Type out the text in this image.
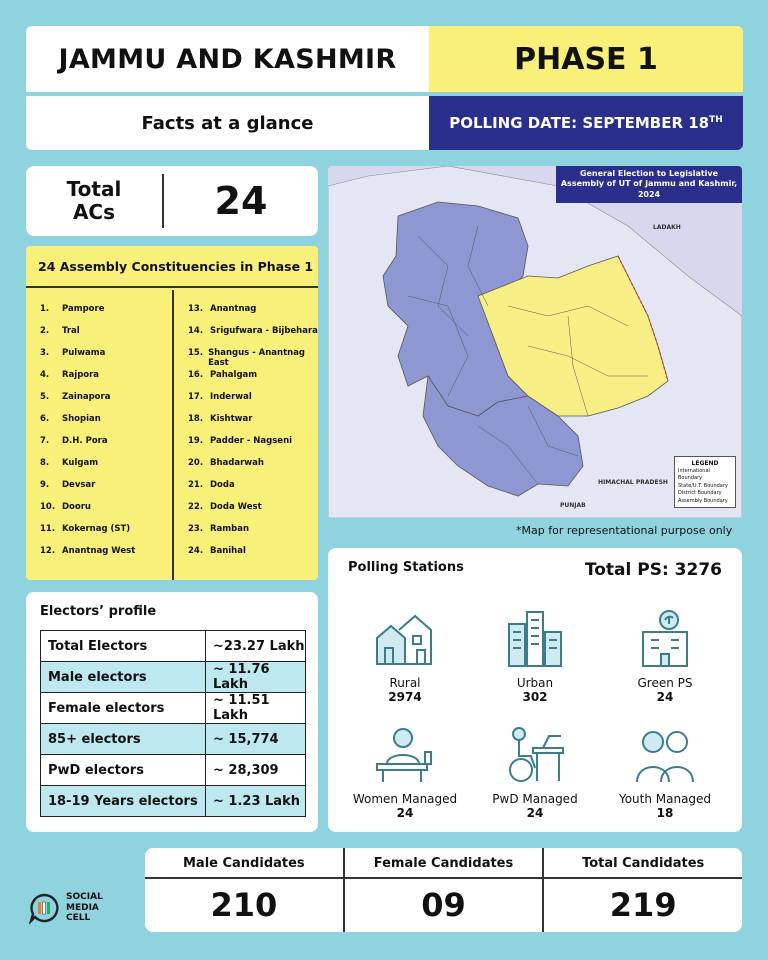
JAMMU AND KASHMIR
Facts at a glance
PHASE 1
POLLING DATE: SEPTEMBER 18TH
Total
ACs	24
24 Assembly Constituencies in Phase 1
1.	Pampore
2.	Tral
3.	Pulwama
4.	Rajpora
5.	Zainapora
6.	Shopian
7.	D.H. Pora
8.	Kulgam
9.	Devsar
10. Dooru
11. Kokernag (ST)
12. Anantnag West
13. Anantnag
14. Srigufwara - Bijbehara
15. Shangus - Anantnag East
16. Pahalgam
17. Inderwal
18. Kishtwar
19. Padder - Nagseni
20. Bhadarwah
21. Doda
22. Doda West
23. Ramban
24. Banihal
General Election to Legislative Assembly of UT of Jammu and Kashmir, 2024
LADAKH
HIMACHAL PRADESH
PUNJAB
LEGEND
International Boundary
State/U.T. Boundary
District Boundary
Assembly Boundary
*Map for representational purpose only
Electors’ profile
Total Electors	~23.27 Lakh
Male electors	~ 11.76 Lakh
Female electors	~ 11.51 Lakh
85+ electors	~ 15,774
PwD electors	~ 28,309
18-19 Years electors	~ 1.23 Lakh
Polling Stations	Total PS: 3276
Rural
2974
Urban
302
Green PS
24
Women Managed
24
PwD Managed
24
Youth Managed
18
Male Candidates
210
Female Candidates
09
Total Candidates
219
SOCIAL
MEDIA
CELL
